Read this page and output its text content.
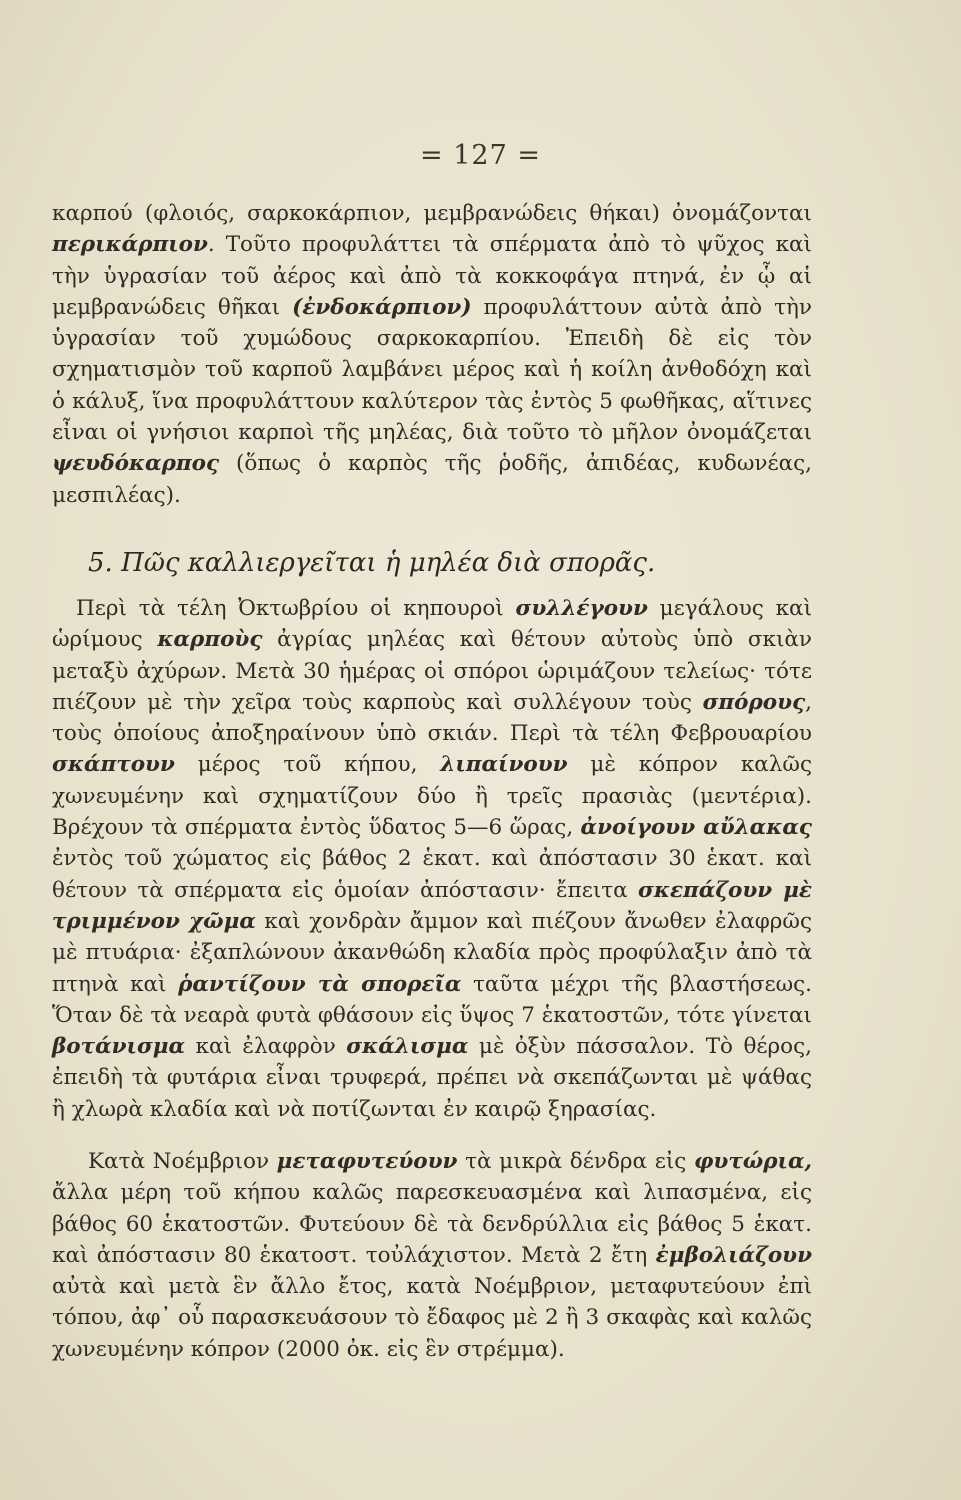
= 127 =

καρπού (φλοιός, σαρκοκάρπιον, μεμβρανώδεις θήκαι) ὀνομάζονται περικάρπιον. Τοῦτο προφυλάττει τὰ σπέρματα ἀπὸ τὸ ψῦχος καὶ τὴν ὑγρασίαν τοῦ ἀέρος καὶ ἀπὸ τὰ κοκκοφάγα πτηνά, ἐν ᾧ αἱ μεμβρανώδεις θῆκαι (ἐνδοκάρπιον) προφυλάττουν αὐτὰ ἀπὸ τὴν ὑγρασίαν τοῦ χυμώδους σαρκοκαρπίου. Ἐπειδὴ δὲ εἰς τὸν σχηματισμὸν τοῦ καρποῦ λαμβάνει μέρος καὶ ἡ κοίλη ἀνθοδόχη καὶ ὁ κάλυξ, ἵνα προφυλάττουν καλύτερον τὰς ἐντὸς 5 φωθῆκας, αἵτινες εἶναι οἱ γνήσιοι καρποὶ τῆς μηλέας, διὰ τοῦτο τὸ μῆλον ὀνομάζεται ψευδόκαρπος (ὅπως ὁ καρπὸς τῆς ῥοδῆς, ἀπιδέας, κυδωνέας, μεσπιλέας).

5. Πῶς καλλιεργεῖται ἡ μηλέα διὰ σπορᾶς.

Περὶ τὰ τέλη Ὀκτωβρίου οἱ κηπουροὶ συλλέγουν μεγάλους καὶ ὡρίμους καρποὺς ἀγρίας μηλέας καὶ θέτουν αὐτοὺς ὑπὸ σκιὰν μεταξὺ ἀχύρων. Μετὰ 30 ἡμέρας οἱ σπόροι ὡριμάζουν τελείως· τότε πιέζουν μὲ τὴν χεῖρα τοὺς καρποὺς καὶ συλλέγουν τοὺς σπόρους, τοὺς ὁποίους ἀποξηραίνουν ὑπὸ σκιάν. Περὶ τὰ τέλη Φεβρουαρίου σκάπτουν μέρος τοῦ κήπου, λιπαίνουν μὲ κόπρον καλῶς χωνευμένην καὶ σχηματίζουν δύο ἢ τρεῖς πρασιὰς (μεντέρια). Βρέχουν τὰ σπέρματα ἐντὸς ὕδατος 5—6 ὥρας, ἀνοίγουν αὔλακας ἐντὸς τοῦ χώματος εἰς βάθος 2 ἑκατ. καὶ ἀπόστασιν 30 ἑκατ. καὶ θέτουν τὰ σπέρματα εἰς ὁμοίαν ἀπόστασιν· ἔπειτα σκεπάζουν μὲ τριμμένον χῶμα καὶ χονδρὰν ἄμμον καὶ πιέζουν ἄνωθεν ἐλαφρῶς μὲ πτυάρια· ἐξαπλώνουν ἀκανθώδη κλαδία πρὸς προφύλαξιν ἀπὸ τὰ πτηνὰ καὶ ῥαντίζουν τὰ σπορεῖα ταῦτα μέχρι τῆς βλαστήσεως. Ὅταν δὲ τὰ νεαρὰ φυτὰ φθάσουν εἰς ὕψος 7 ἑκατοστῶν, τότε γίνεται βοτάνισμα καὶ ἐλαφρὸν σκάλισμα μὲ ὀξὺν πάσσαλον. Τὸ θέρος, ἐπειδὴ τὰ φυτάρια εἶναι τρυφερά, πρέπει νὰ σκεπάζωνται μὲ ψάθας ἢ χλωρὰ κλαδία καὶ νὰ ποτίζωνται ἐν καιρῷ ξηρασίας.

Κατὰ Νοέμβριον μεταφυτεύουν τὰ μικρὰ δένδρα εἰς φυτώρια, ἄλλα μέρη τοῦ κήπου καλῶς παρεσκευασμένα καὶ λιπασμένα, εἰς βάθος 60 ἑκατοστῶν. Φυτεύουν δὲ τὰ δενδρύλλια εἰς βάθος 5 ἑκατ. καὶ ἀπόστασιν 80 ἑκατοστ. τοὐλάχιστον. Μετὰ 2 ἔτη ἐμβολιάζουν αὐτὰ καὶ μετὰ ἓν ἄλλο ἔτος, κατὰ Νοέμβριον, μεταφυτεύουν ἐπὶ τόπου, ἀφ᾿ οὗ παρασκευάσουν τὸ ἔδαφος μὲ 2 ἢ 3 σκαφὰς καὶ καλῶς χωνευμένην κόπρον (2000 ὀκ. εἰς ἓν στρέμμα).
